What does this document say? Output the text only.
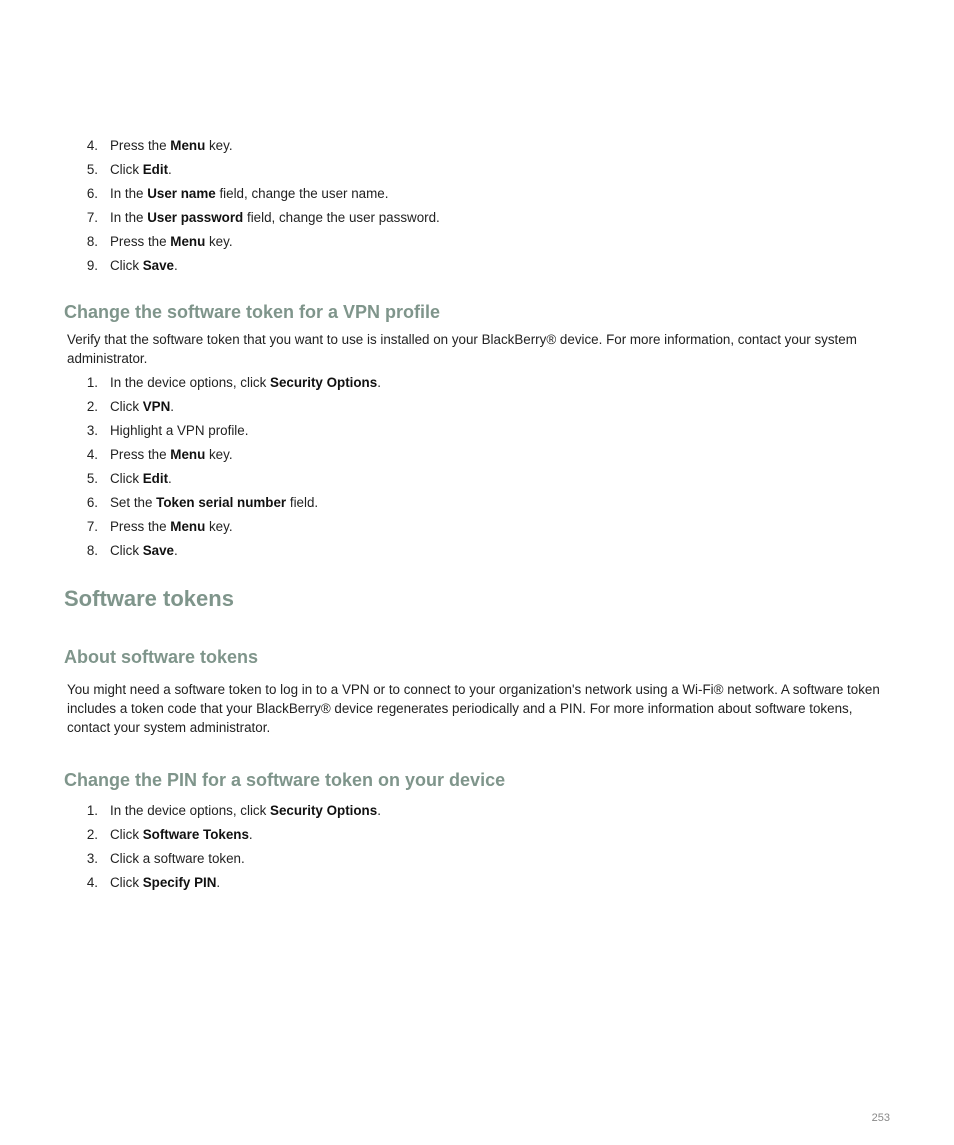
4. Press the Menu key.
5. Click Edit.
6. In the User name field, change the user name.
7. In the User password field, change the user password.
8. Press the Menu key.
9. Click Save.
Change the software token for a VPN profile

Verify that the software token that you want to use is installed on your BlackBerry® device. For more information, contact your system administrator.

1. In the device options, click Security Options.
2. Click VPN.
3. Highlight a VPN profile.
4. Press the Menu key.
5. Click Edit.
6. Set the Token serial number field.
7. Press the Menu key.
8. Click Save.
Software tokens
About software tokens

You might need a software token to log in to a VPN or to connect to your organization's network using a Wi-Fi® network. A software token includes a token code that your BlackBerry® device regenerates periodically and a PIN. For more information about software tokens, contact your system administrator.

Change the PIN for a software token on your device
1. In the device options, click Security Options.
2. Click Software Tokens.
3. Click a software token.
4. Click Specify PIN.
253
